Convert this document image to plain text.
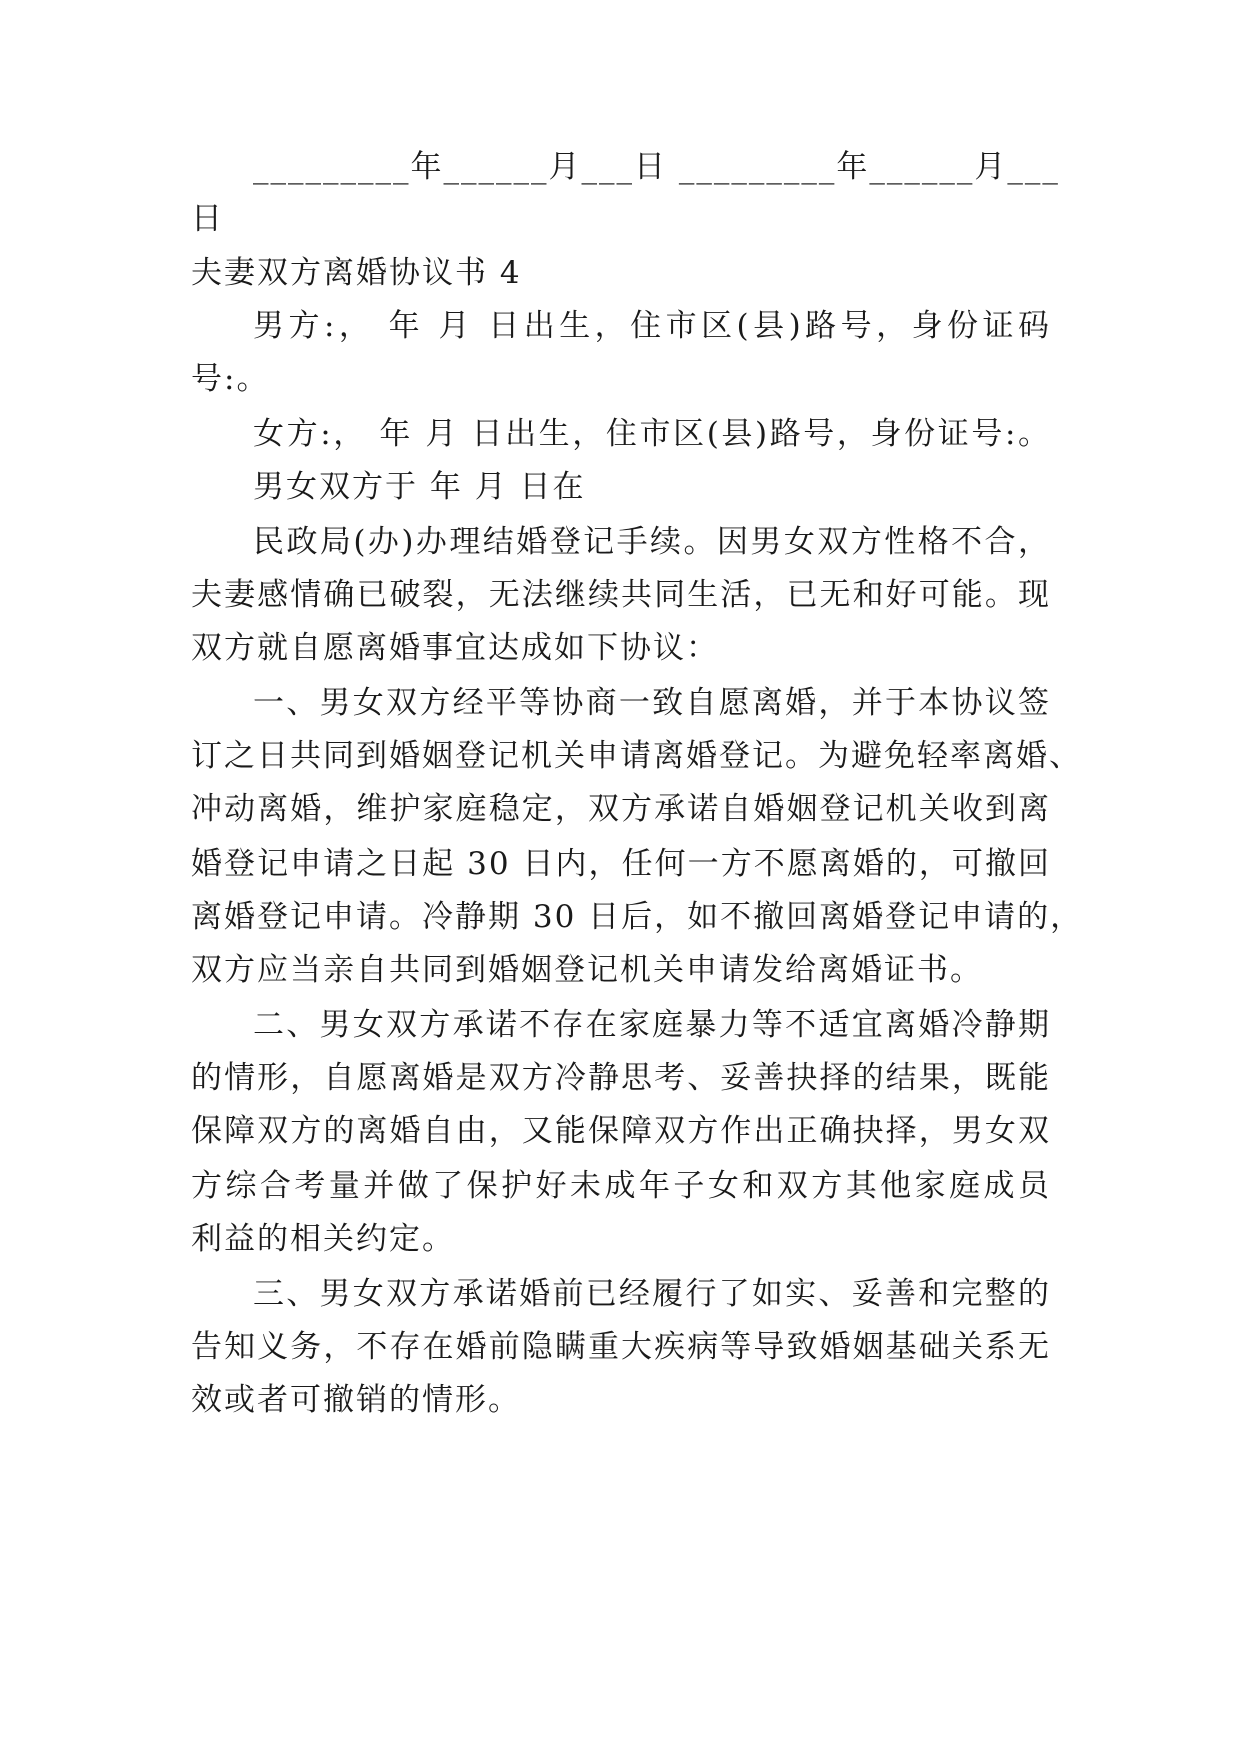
_________年______月___日 _________年______月___
日
夫妻双方离婚协议书 4
男方:， 年 月 日出生，住市区(县)路号，身份证码
号:。
女方:， 年 月 日出生，住市区(县)路号，身份证号:。
男女双方于 年 月 日在
民政局(办)办理结婚登记手续。因男女双方性格不合，
夫妻感情确已破裂，无法继续共同生活，已无和好可能。现
双方就自愿离婚事宜达成如下协议：
一、男女双方经平等协商一致自愿离婚，并于本协议签
订之日共同到婚姻登记机关申请离婚登记。为避免轻率离婚、
冲动离婚，维护家庭稳定，双方承诺自婚姻登记机关收到离
婚登记申请之日起 30 日内，任何一方不愿离婚的，可撤回
离婚登记申请。冷静期 30 日后，如不撤回离婚登记申请的，
双方应当亲自共同到婚姻登记机关申请发给离婚证书。
二、男女双方承诺不存在家庭暴力等不适宜离婚冷静期
的情形，自愿离婚是双方冷静思考、妥善抉择的结果，既能
保障双方的离婚自由，又能保障双方作出正确抉择，男女双
方综合考量并做了保护好未成年子女和双方其他家庭成员
利益的相关约定。
三、男女双方承诺婚前已经履行了如实、妥善和完整的
告知义务，不存在婚前隐瞒重大疾病等导致婚姻基础关系无
效或者可撤销的情形。
